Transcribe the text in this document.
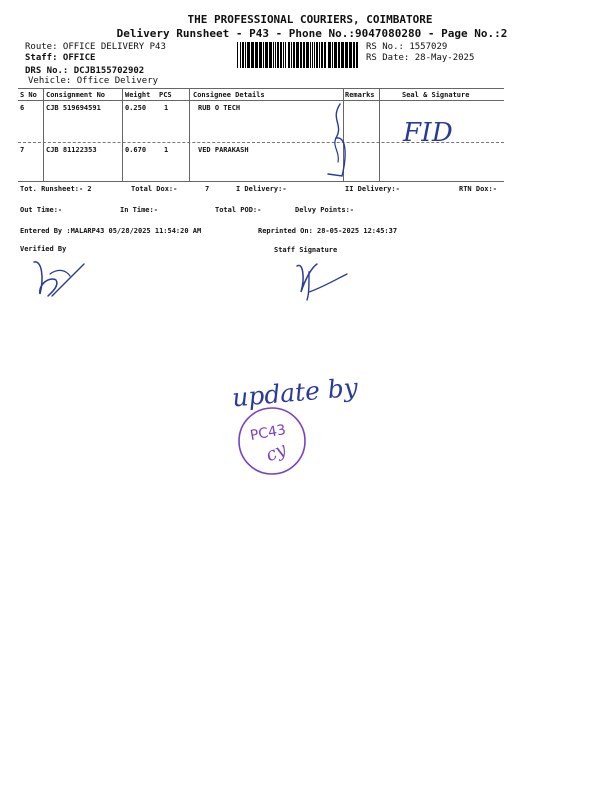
THE PROFESSIONAL COURIERS, COIMBATORE
Delivery Runsheet - P43 - Phone No.:9047080280 - Page No.:2
Route: OFFICE DELIVERY P43
Staff: OFFICE
DRS No.: DCJB155702902
Vehicle: Office Delivery
RS No.: 1557029
RS Date: 28-May-2025
S No Consignment No	Weight PCS	Consignee Details	Remarks	Seal & Signature
6	CJB 519694591	0.250	1	RUB O TECH
7	CJB 81122353	0.670	1	VED PARAKASH
F I D
Tot. Runsheet:- 2	Total Dox:-	7	I Delivery:-	II Delivery:-	RTN Dox:-
Out Time:-	In Time:-	Total POD:-	Delvy Points:-
Entered By :MALARP43 05/28/2025 11:54:20 AM	Reprinted On: 28-05-2025 12:45:37
Verified By	Staff Signature
update by
PC43
cy
